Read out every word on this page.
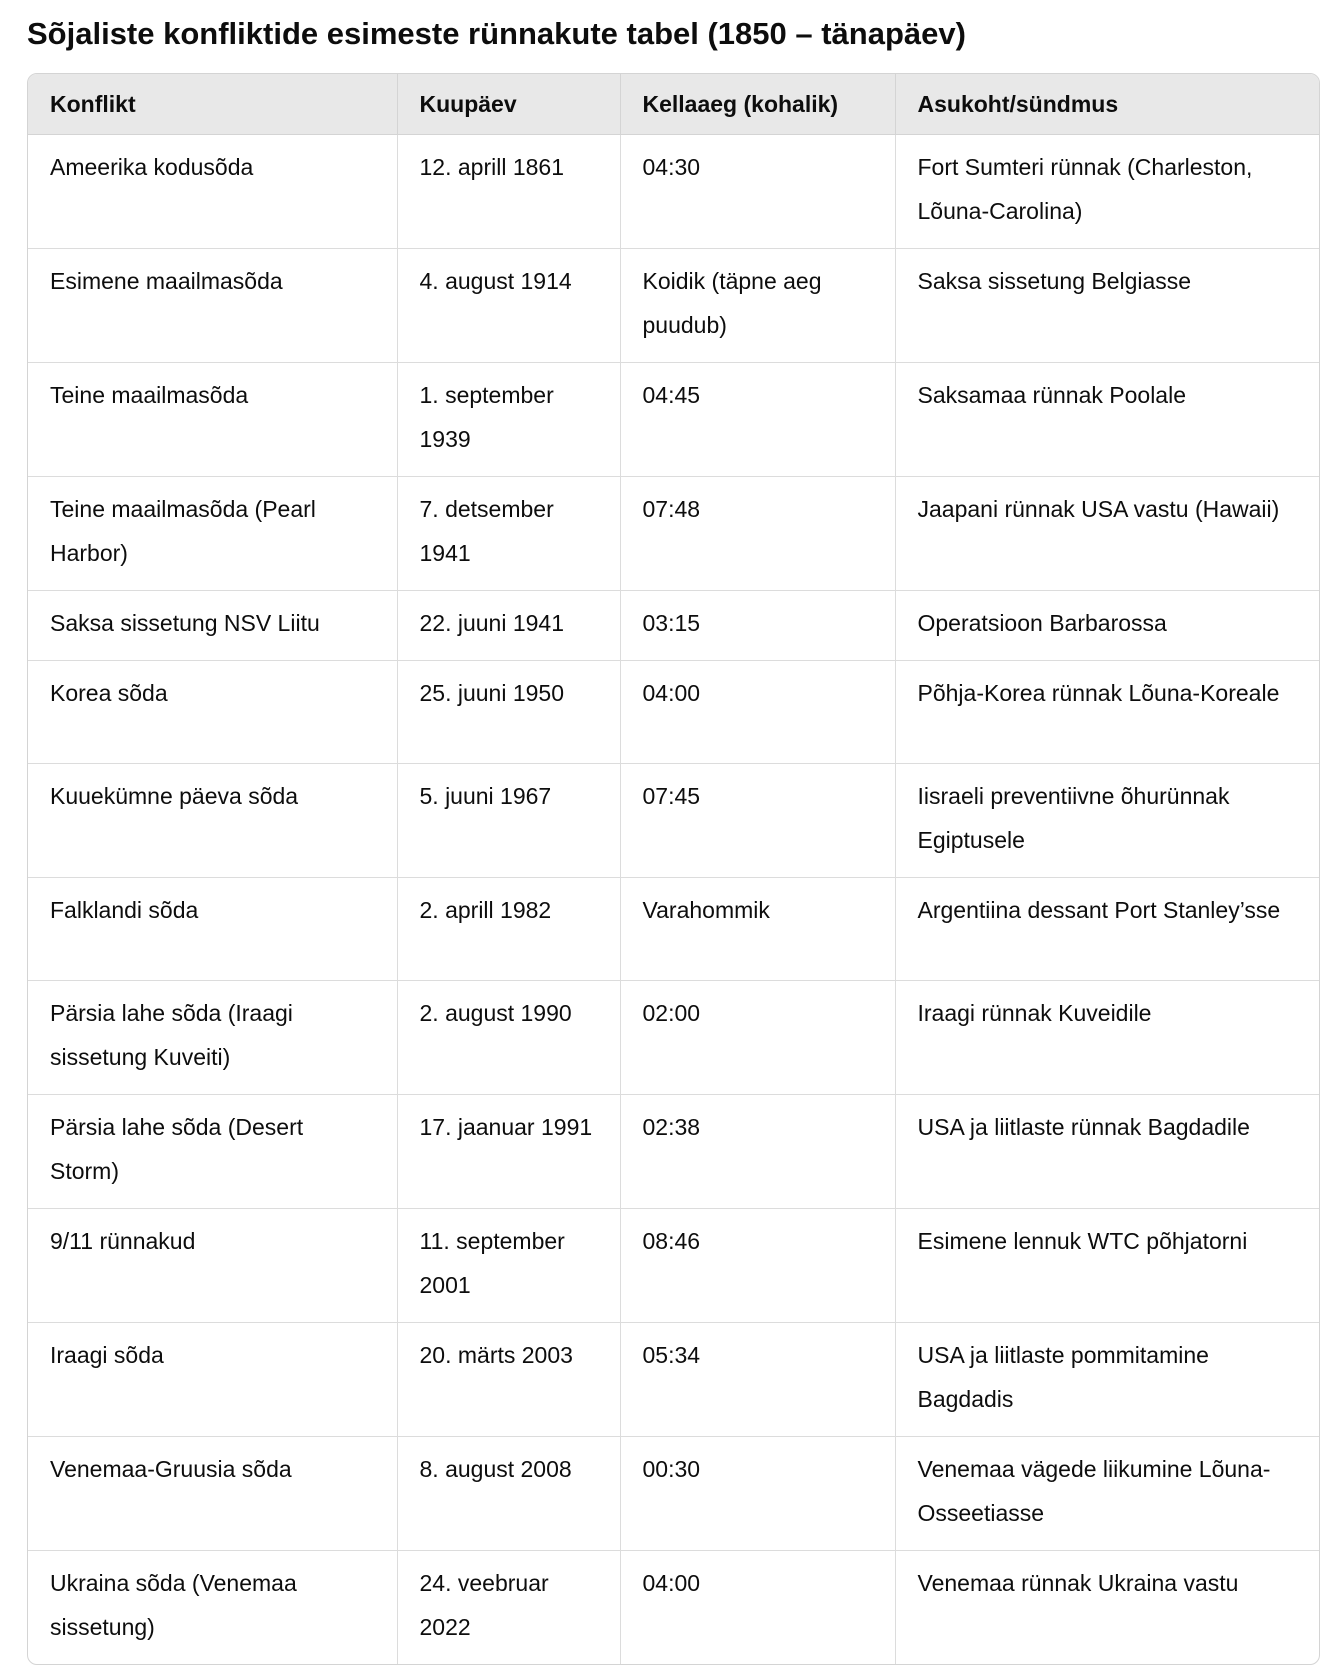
Sõjaliste konfliktide esimeste rünnakute tabel (1850 – tänapäev)
Konflikt	Kuupäev	Kellaaeg (kohalik)	Asukoht/sündmus

Ameerika kodusõda	12. aprill 1861	04:30	Fort Sumteri rünnak (Charleston, Lõuna-Carolina)

Esimene maailmasõda	4. august 1914	Koidik (täpne aeg puudub)	Saksa sissetung Belgiasse

Teine maailmasõda	1. september 1939	04:45	Saksamaa rünnak Poolale

Teine maailmasõda (Pearl Harbor)	7. detsember 1941	07:48	Jaapani rünnak USA vastu (Hawaii)

Saksa sissetung NSV Liitu	22. juuni 1941	03:15	Operatsioon Barbarossa

Korea sõda	25. juuni 1950	04:00	Põhja-Korea rünnak Lõuna-Koreale

Kuuekümne päeva sõda	5. juuni 1967	07:45	Iisraeli preventiivne õhurünnak Egiptusele

Falklandi sõda	2. aprill 1982	Varahommik	Argentiina dessant Port Stanley’sse

Pärsia lahe sõda (Iraagi sissetung Kuveiti)	2. august 1990	02:00	Iraagi rünnak Kuveidile

Pärsia lahe sõda (Desert Storm)	17. jaanuar 1991	02:38	USA ja liitlaste rünnak Bagdadile

9/11 rünnakud	11. september 2001	08:46	Esimene lennuk WTC põhjatorni

Iraagi sõda	20. märts 2003	05:34	USA ja liitlaste pommitamine Bagdadis

Venemaa-Gruusia sõda	8. august 2008	00:30	Venemaa vägede liikumine Lõuna-Osseetiasse

Ukraina sõda (Venemaa sissetung)	24. veebruar 2022	04:00	Venemaa rünnak Ukraina vastu
